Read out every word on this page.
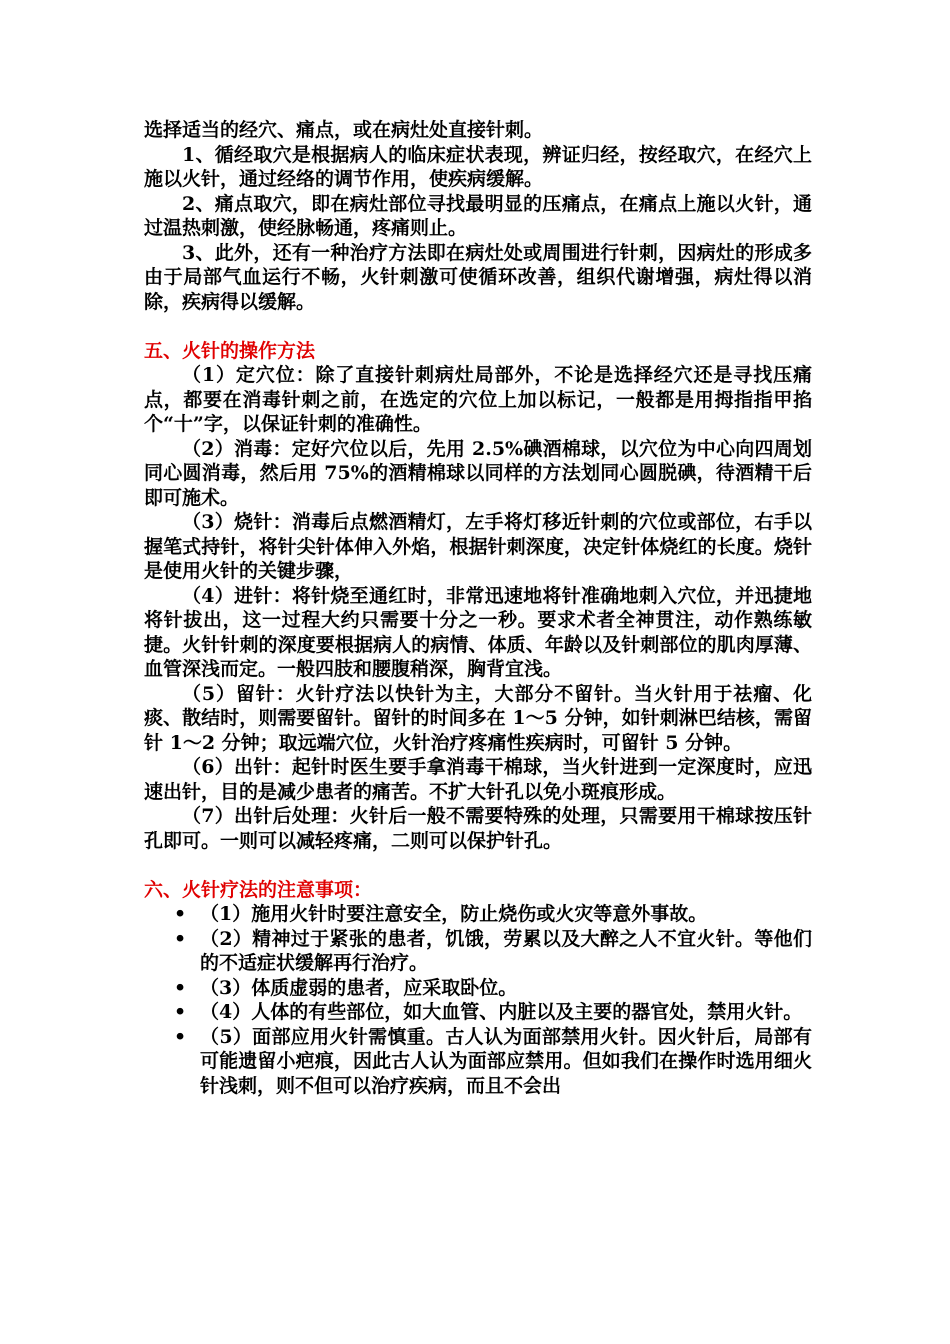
选择适当的经穴、痛点，或在病灶处直接针刺。

1、循经取穴是根据病人的临床症状表现，辨证归经，按经取穴，在经穴上施以火针，通过经络的调节作用，使疾病缓解。

2、痛点取穴，即在病灶部位寻找最明显的压痛点，在痛点上施以火针，通过温热刺激，使经脉畅通，疼痛则止。

3、此外，还有一种治疗方法即在病灶处或周围进行针刺，因病灶的形成多由于局部气血运行不畅，火针刺激可使循环改善，组织代谢增强，病灶得以消除，疾病得以缓解。

五、火针的操作方法

（1）定穴位：除了直接针刺病灶局部外，不论是选择经穴还是寻找压痛点，都要在消毒针刺之前，在选定的穴位上加以标记，一般都是用拇指指甲掐个“十”字，以保证针刺的准确性。

（2）消毒：定好穴位以后，先用 2.5%碘酒棉球，以穴位为中心向四周划同心圆消毒，然后用 75%的酒精棉球以同样的方法划同心圆脱碘，待酒精干后即可施术。

（3）烧针：消毒后点燃酒精灯，左手将灯移近针刺的穴位或部位，右手以握笔式持针，将针尖针体伸入外焰，根据针刺深度，决定针体烧红的长度。烧针是使用火针的关键步骤，

（4）进针：将针烧至通红时，非常迅速地将针准确地刺入穴位，并迅捷地将针拔出，这一过程大约只需要十分之一秒。要求术者全神贯注，动作熟练敏捷。火针针刺的深度要根据病人的病情、体质、年龄以及针刺部位的肌肉厚薄、血管深浅而定。一般四肢和腰腹稍深，胸背宜浅。

（5）留针：火针疗法以快针为主，大部分不留针。当火针用于祛瘤、化痰、散结时，则需要留针。留针的时间多在 1～5 分钟，如针刺淋巴结核，需留针 1～2 分钟；取远端穴位，火针治疗疼痛性疾病时，可留针 5 分钟。

（6）出针：起针时医生要手拿消毒干棉球，当火针进到一定深度时，应迅速出针，目的是减少患者的痛苦。不扩大针孔以免小斑痕形成。

（7）出针后处理：火针后一般不需要特殊的处理，只需要用干棉球按压针孔即可。一则可以减轻疼痛，二则可以保护针孔。

六、火针疗法的注意事项：

• （1）施用火针时要注意安全，防止烧伤或火灾等意外事故。
• （2）精神过于紧张的患者，饥饿，劳累以及大醉之人不宜火针。等他们的不适症状缓解再行治疗。
• （3）体质虚弱的患者，应采取卧位。
• （4）人体的有些部位，如大血管、内脏以及主要的器官处，禁用火针。
• （5）面部应用火针需慎重。古人认为面部禁用火针。因火针后，局部有可能遗留小疤痕，因此古人认为面部应禁用。但如我们在操作时选用细火针浅刺，则不但可以治疗疾病，而且不会出
